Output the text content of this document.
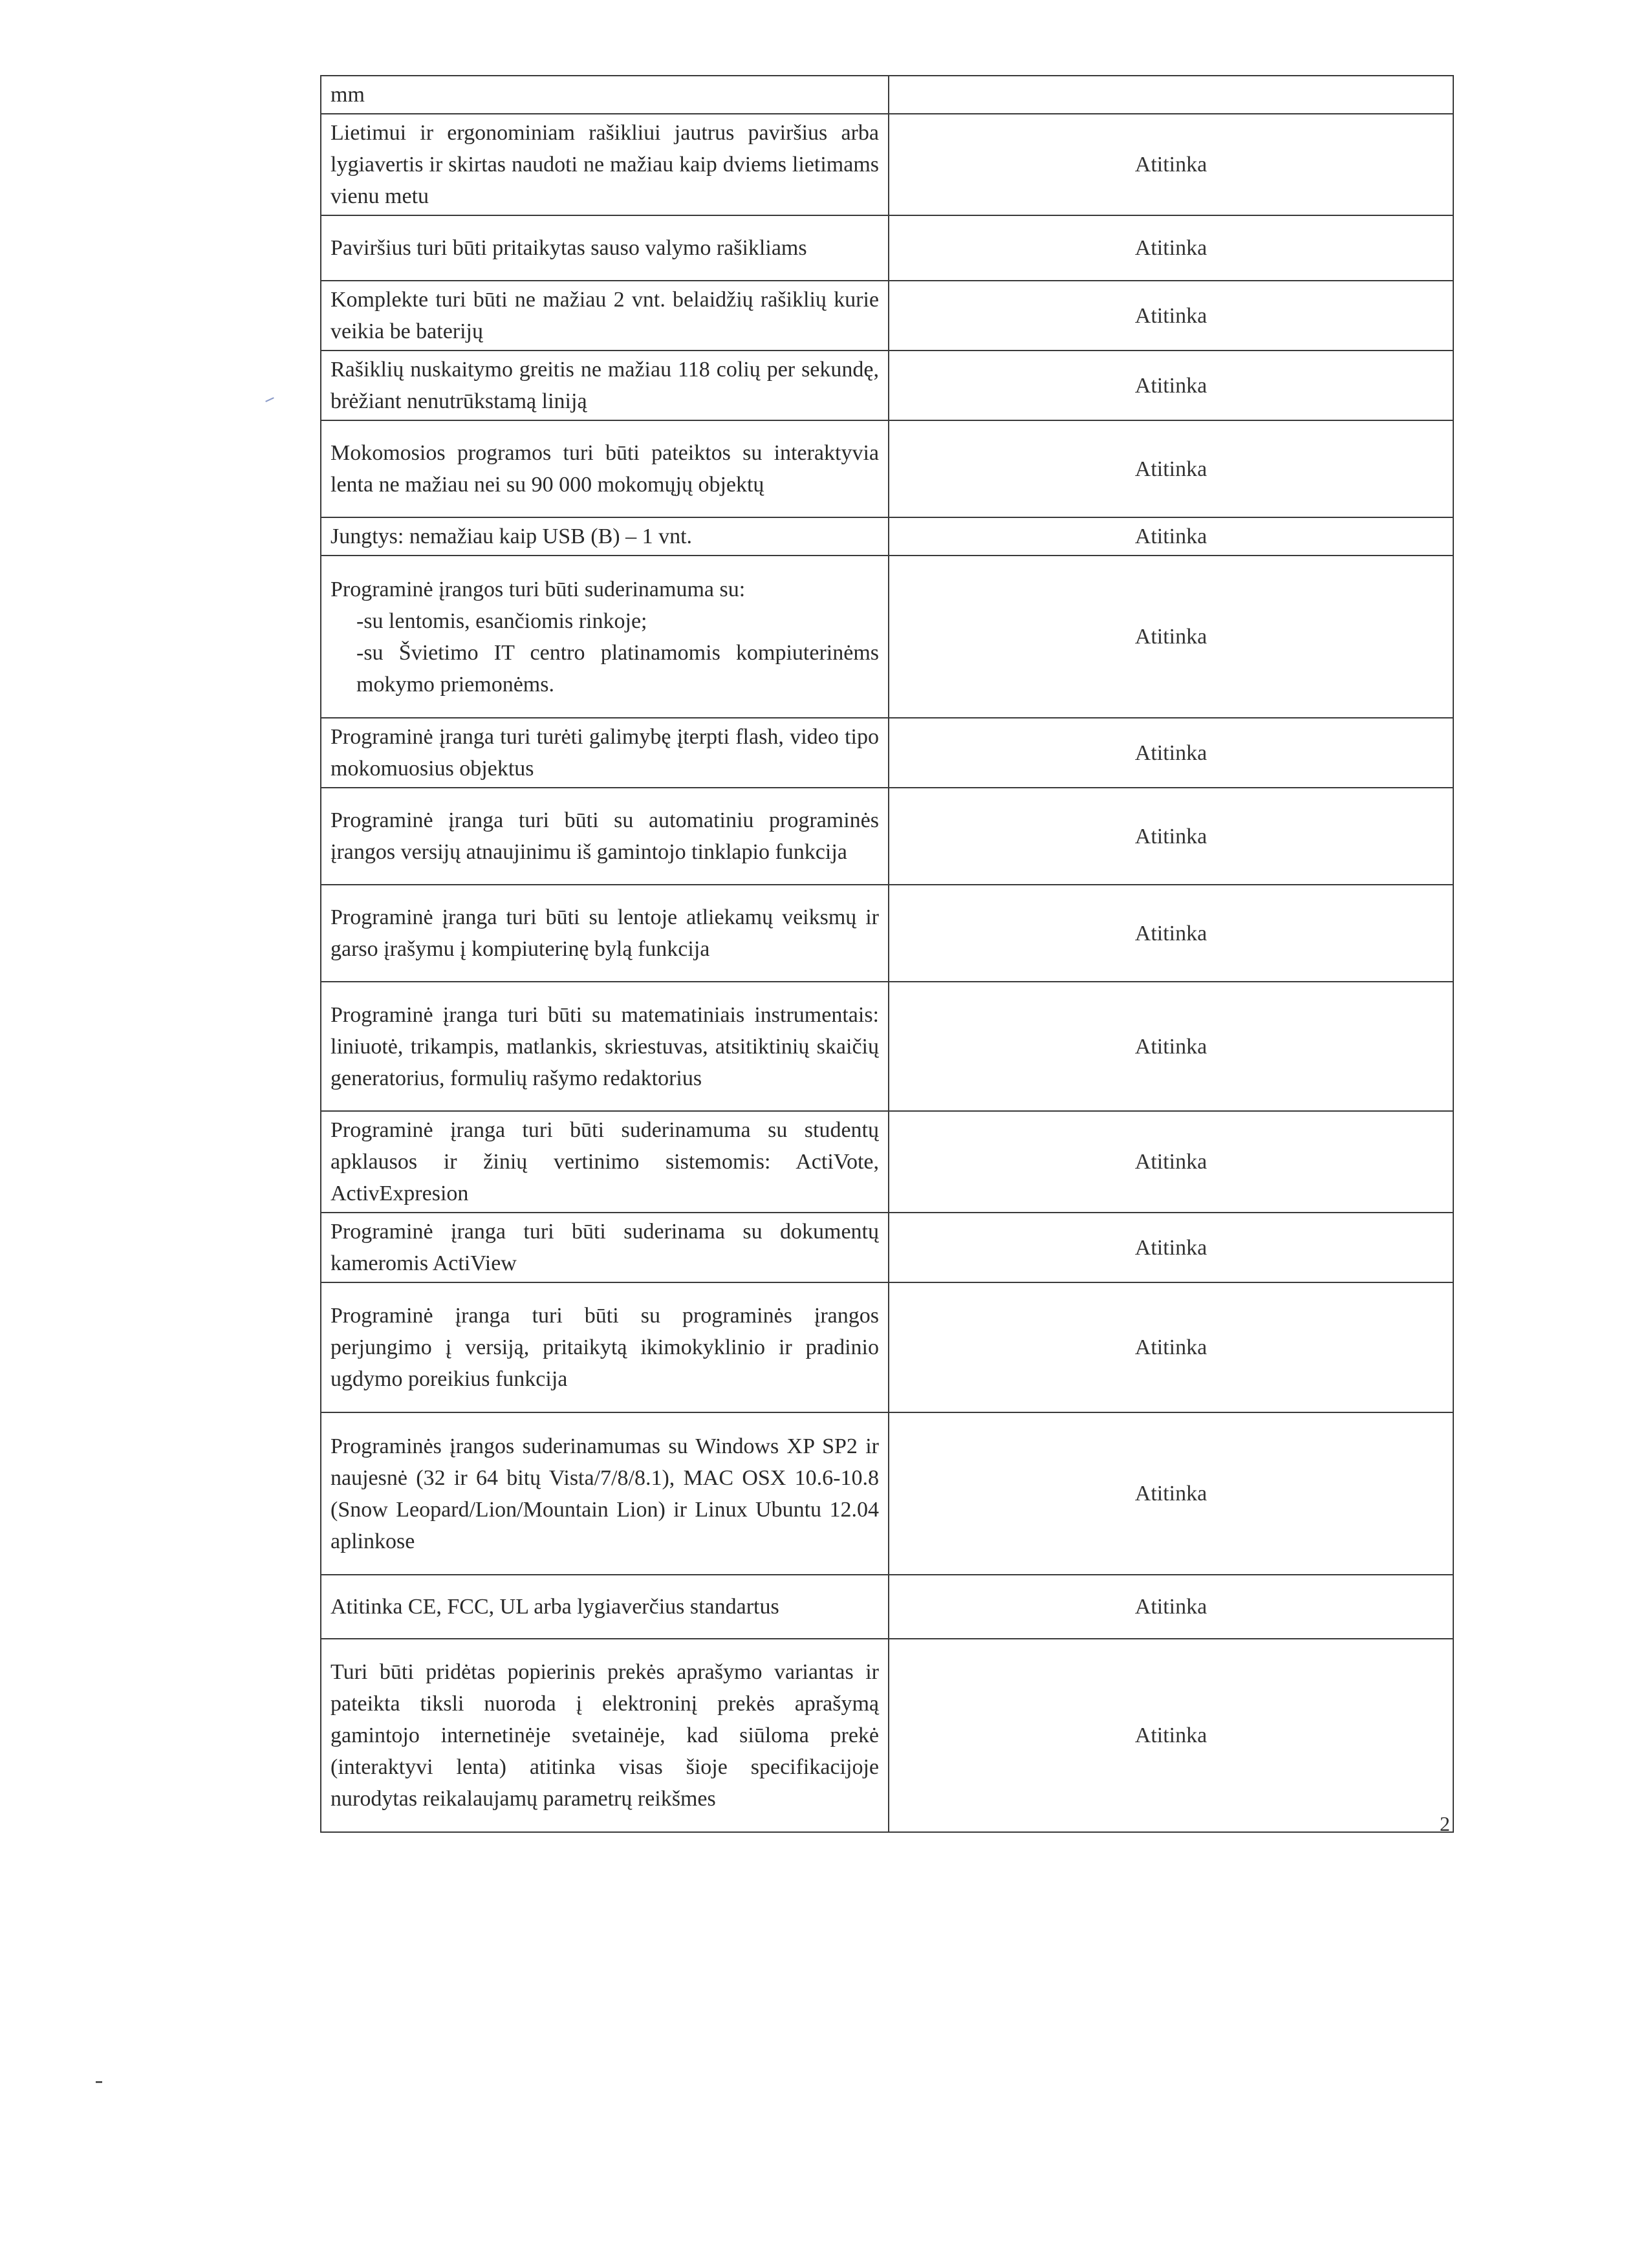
mm	

Lietimui ir ergonominiam rašikliui jautrus paviršius arba lygiavertis ir skirtas naudoti ne mažiau kaip dviems lietimams vienu metu	Atitinka

Paviršius turi būti pritaikytas sauso valymo rašikliams	Atitinka

Komplekte turi būti ne mažiau 2 vnt. belaidžių rašiklių kurie veikia be baterijų	Atitinka

Rašiklių nuskaitymo greitis ne mažiau 118 colių per sekundę, brėžiant nenutrūkstamą liniją	Atitinka

Mokomosios programos turi būti pateiktos su interaktyvia lenta ne mažiau nei su 90 000 mokomųjų objektų	Atitinka

Jungtys: nemažiau kaip USB (B) – 1 vnt.	Atitinka

Programinė įrangos turi būti suderinamuma su:
-su lentomis, esančiomis rinkoje;
-su Švietimo IT centro platinamomis kompiuterinėms mokymo priemonėms.	Atitinka

Programinė įranga turi turėti galimybę įterpti flash, video tipo mokomuosius objektus	Atitinka

Programinė įranga turi būti su automatiniu programinės įrangos versijų atnaujinimu iš gamintojo tinklapio funkcija	Atitinka

Programinė įranga turi būti su lentoje atliekamų veiksmų ir garso įrašymu į kompiuterinę bylą funkcija	Atitinka

Programinė įranga turi būti su matematiniais instrumentais: liniuotė, trikampis, matlankis, skriestuvas, atsitiktinių skaičių generatorius, formulių rašymo redaktorius	Atitinka

Programinė įranga turi būti suderinamuma su studentų apklausos ir žinių vertinimo sistemomis: ActiVote, ActivExpresion	Atitinka

Programinė įranga turi būti suderinama su dokumentų kameromis ActiView	Atitinka

Programinė įranga turi būti su programinės įrangos perjungimo į versiją, pritaikytą ikimokyklinio ir pradinio ugdymo poreikius funkcija	Atitinka

Programinės įrangos suderinamumas su Windows XP SP2 ir naujesnė (32 ir 64 bitų Vista/7/8/8.1), MAC OSX 10.6-10.8 (Snow Leopard/Lion/Mountain Lion) ir Linux Ubuntu 12.04 aplinkose	Atitinka

Atitinka CE, FCC, UL arba lygiaverčius standartus	Atitinka

Turi būti pridėtas popierinis prekės aprašymo variantas ir pateikta tiksli nuoroda į elektroninį prekės aprašymą gamintojo internetinėje svetainėje, kad siūloma prekė (interaktyvi lenta) atitinka visas šioje specifikacijoje nurodytas reikalaujamų parametrų reikšmes	Atitinka
2
